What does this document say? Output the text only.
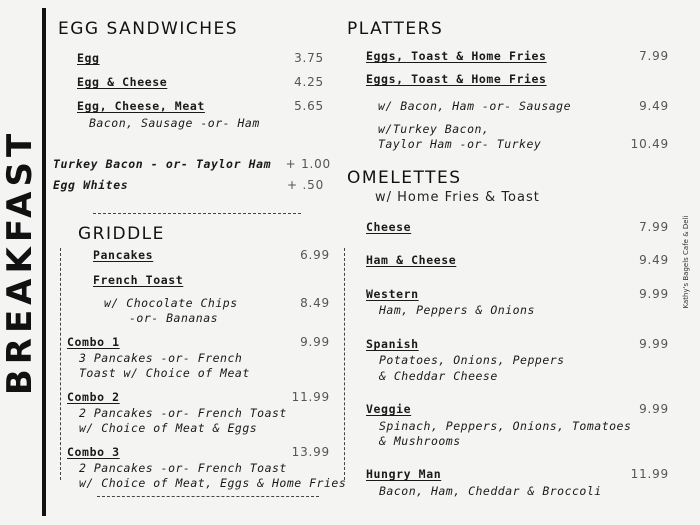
BREAKFAST	Kathy's Bagels Cafe & Deli
EGG SANDWICHES
Egg	3.75
Egg & Cheese	4.25
Egg, Cheese, Meat	5.65
Bacon, Sausage -or- Ham
Turkey Bacon - or- Taylor Ham + 1.00
Egg Whites	+ .50
GRIDDLE
Pancakes	6.99
French Toast
w/ Chocolate Chips	8.49
-or- Bananas
Combo 1	9.99
3 Pancakes -or- French
Toast w/ Choice of Meat
Combo 2	11.99
2 Pancakes -or- French Toast
w/ Choice of Meat & Eggs
Combo 3	13.99
2 Pancakes -or- French Toast
w/ Choice of Meat, Eggs & Home Fries
PLATTERS
Eggs, Toast & Home Fries	7.99
Eggs, Toast & Home Fries
w/ Bacon, Ham -or- Sausage	9.49
w/Turkey Bacon,
Taylor Ham -or- Turkey	10.49
OMELETTES
w/ Home Fries & Toast
Cheese	7.99
Ham & Cheese	9.49
Western	9.99
Ham, Peppers & Onions
Spanish	9.99
Potatoes, Onions, Peppers
& Cheddar Cheese
Veggie	9.99
Spinach, Peppers, Onions, Tomatoes
& Mushrooms
Hungry Man	11.99
Bacon, Ham, Cheddar & Broccoli
